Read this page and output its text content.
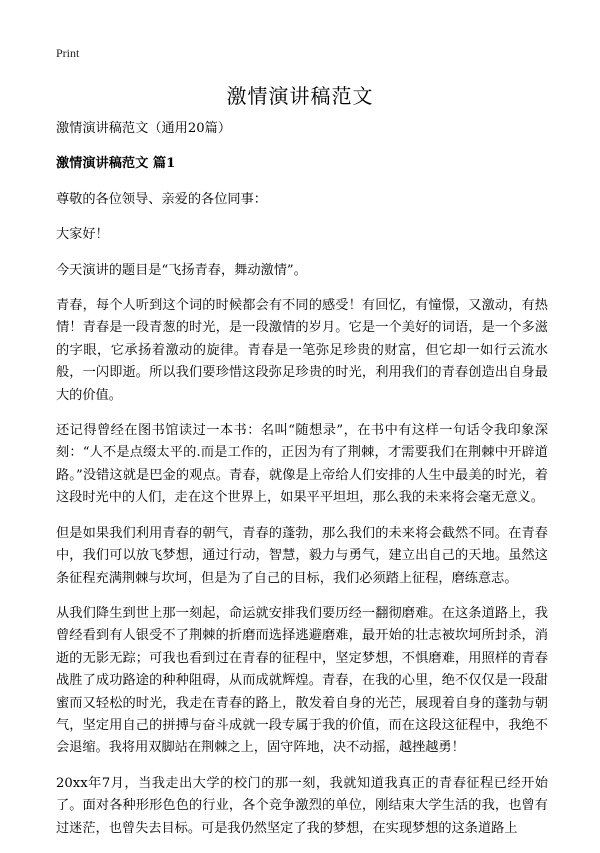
Print
激情演讲稿范文

激情演讲稿范文（通用20篇）

激情演讲稿范文 篇1

尊敬的各位领导、亲爱的各位同事：

大家好！

今天演讲的题目是“飞扬青春，舞动激情”。

青春，每个人听到这个词的时候都会有不同的感受！有回忆，有憧憬，又激动，有热情！青春是一段青葱的时光，是一段激情的岁月。它是一个美好的词语，是一个多滋的字眼，它承扬着激动的旋律。青春是一笔弥足珍贵的财富，但它却一如行云流水般，一闪即逝。所以我们要珍惜这段弥足珍贵的时光，利用我们的青春创造出自身最大的价值。

还记得曾经在图书馆读过一本书：名叫“随想录”，在书中有这样一句话令我印象深刻：“人不是点缀太平的.而是工作的，正因为有了荆棘，才需要我们在荆棘中开辟道路。”没错这就是巴金的观点。青春，就像是上帝给人们安排的人生中最美的时光，着这段时光中的人们，走在这个世界上，如果平平坦坦，那么我的未来将会毫无意义。

但是如果我们利用青春的朝气，青春的蓬勃，那么我们的未来将会截然不同。在青春中，我们可以放飞梦想，通过行动，智慧，毅力与勇气，建立出自己的天地。虽然这条征程充满荆棘与坎坷，但是为了自己的目标，我们必须踏上征程，磨练意志。

从我们降生到世上那一刻起，命运就安排我们要历经一翻彻磨难。在这条道路上，我曾经看到有人银受不了荆棘的折磨而选择逃避磨难，最开始的壮志被坎坷所封杀，消逝的无影无踪；可我也看到过在青春的征程中，坚定梦想，不惧磨难，用照样的青春战胜了成功路途的种种阻碍，从而成就辉煌。青春，在我的心里，绝不仅仅是一段甜蜜而又轻松的时光，我走在青春的路上，散发着自身的光芒，展现着自身的蓬勃与朝气，坚定用自己的拼搏与奋斗成就一段专属于我的价值，而在这段这征程中，我绝不会退缩。我将用双脚站在荆棘之上，固守阵地，决不动摇，越挫越勇！

20xx年7月，当我走出大学的校门的那一刻，我就知道我真正的青春征程已经开始了。面对各种形形色色的行业，各个竞争激烈的单位，刚结束大学生活的我，也曾有过迷茫，也曾失去目标。可是我仍然坚定了我的梦想，在实现梦想的这条道路上
